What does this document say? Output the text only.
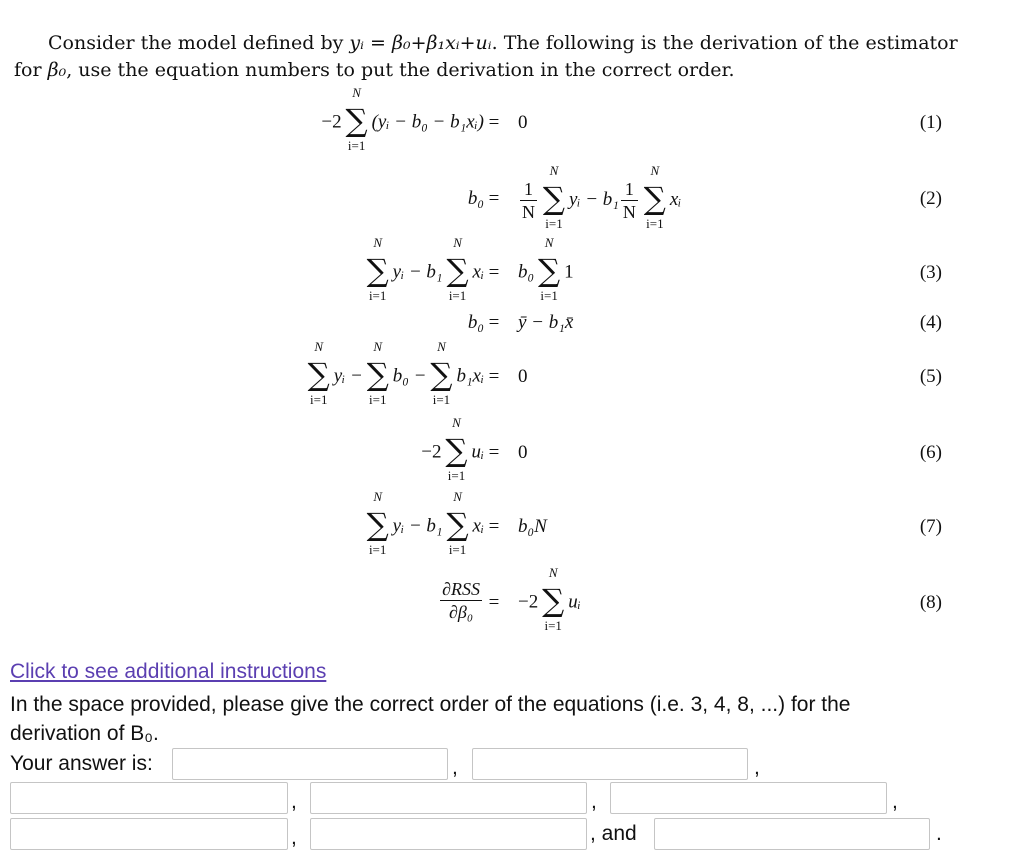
Consider the model defined by yᵢ = β₀+β₁xᵢ+uᵢ. The following is the derivation of the estimator
for β₀, use the equation numbers to put the derivation in the correct order.
−2
N
∑
i=1
(yᵢ − b₀ − b₁xᵢ) = 0	(1)
$b_0 = \frac{1}{N}$
N
∑
i=1
yᵢ − $b_1 \frac{1}{N}$
N
∑
i=1
xᵢ	(2)
N
∑
i=1
yᵢ − b₁
N
∑
i=1
xᵢ = b₀
N
∑
i=1
1	(3)
b₀ = ȳ − b₁x̄	(4)
N
∑
i=1
yᵢ −
N
∑
i=1
b₀ −
N
∑
i=1
b₁xᵢ = 0	(5)
−2
N
∑
i=1
uᵢ = 0	(6)
N
∑
i=1
yᵢ − b₁
N
∑
i=1
xᵢ = b₀N	(7)
$\frac{\text{∂RSS}}{\text{∂β₀}} = -2$
N
∑
i=1
uᵢ	(8)
Click to see additional instructions
In the space provided, please give the correct order of the equations (i.e. 3, 4, 8, ...) for the derivation of B₀.
Your answer is:	,	,
,	,	,
,	, and	.
